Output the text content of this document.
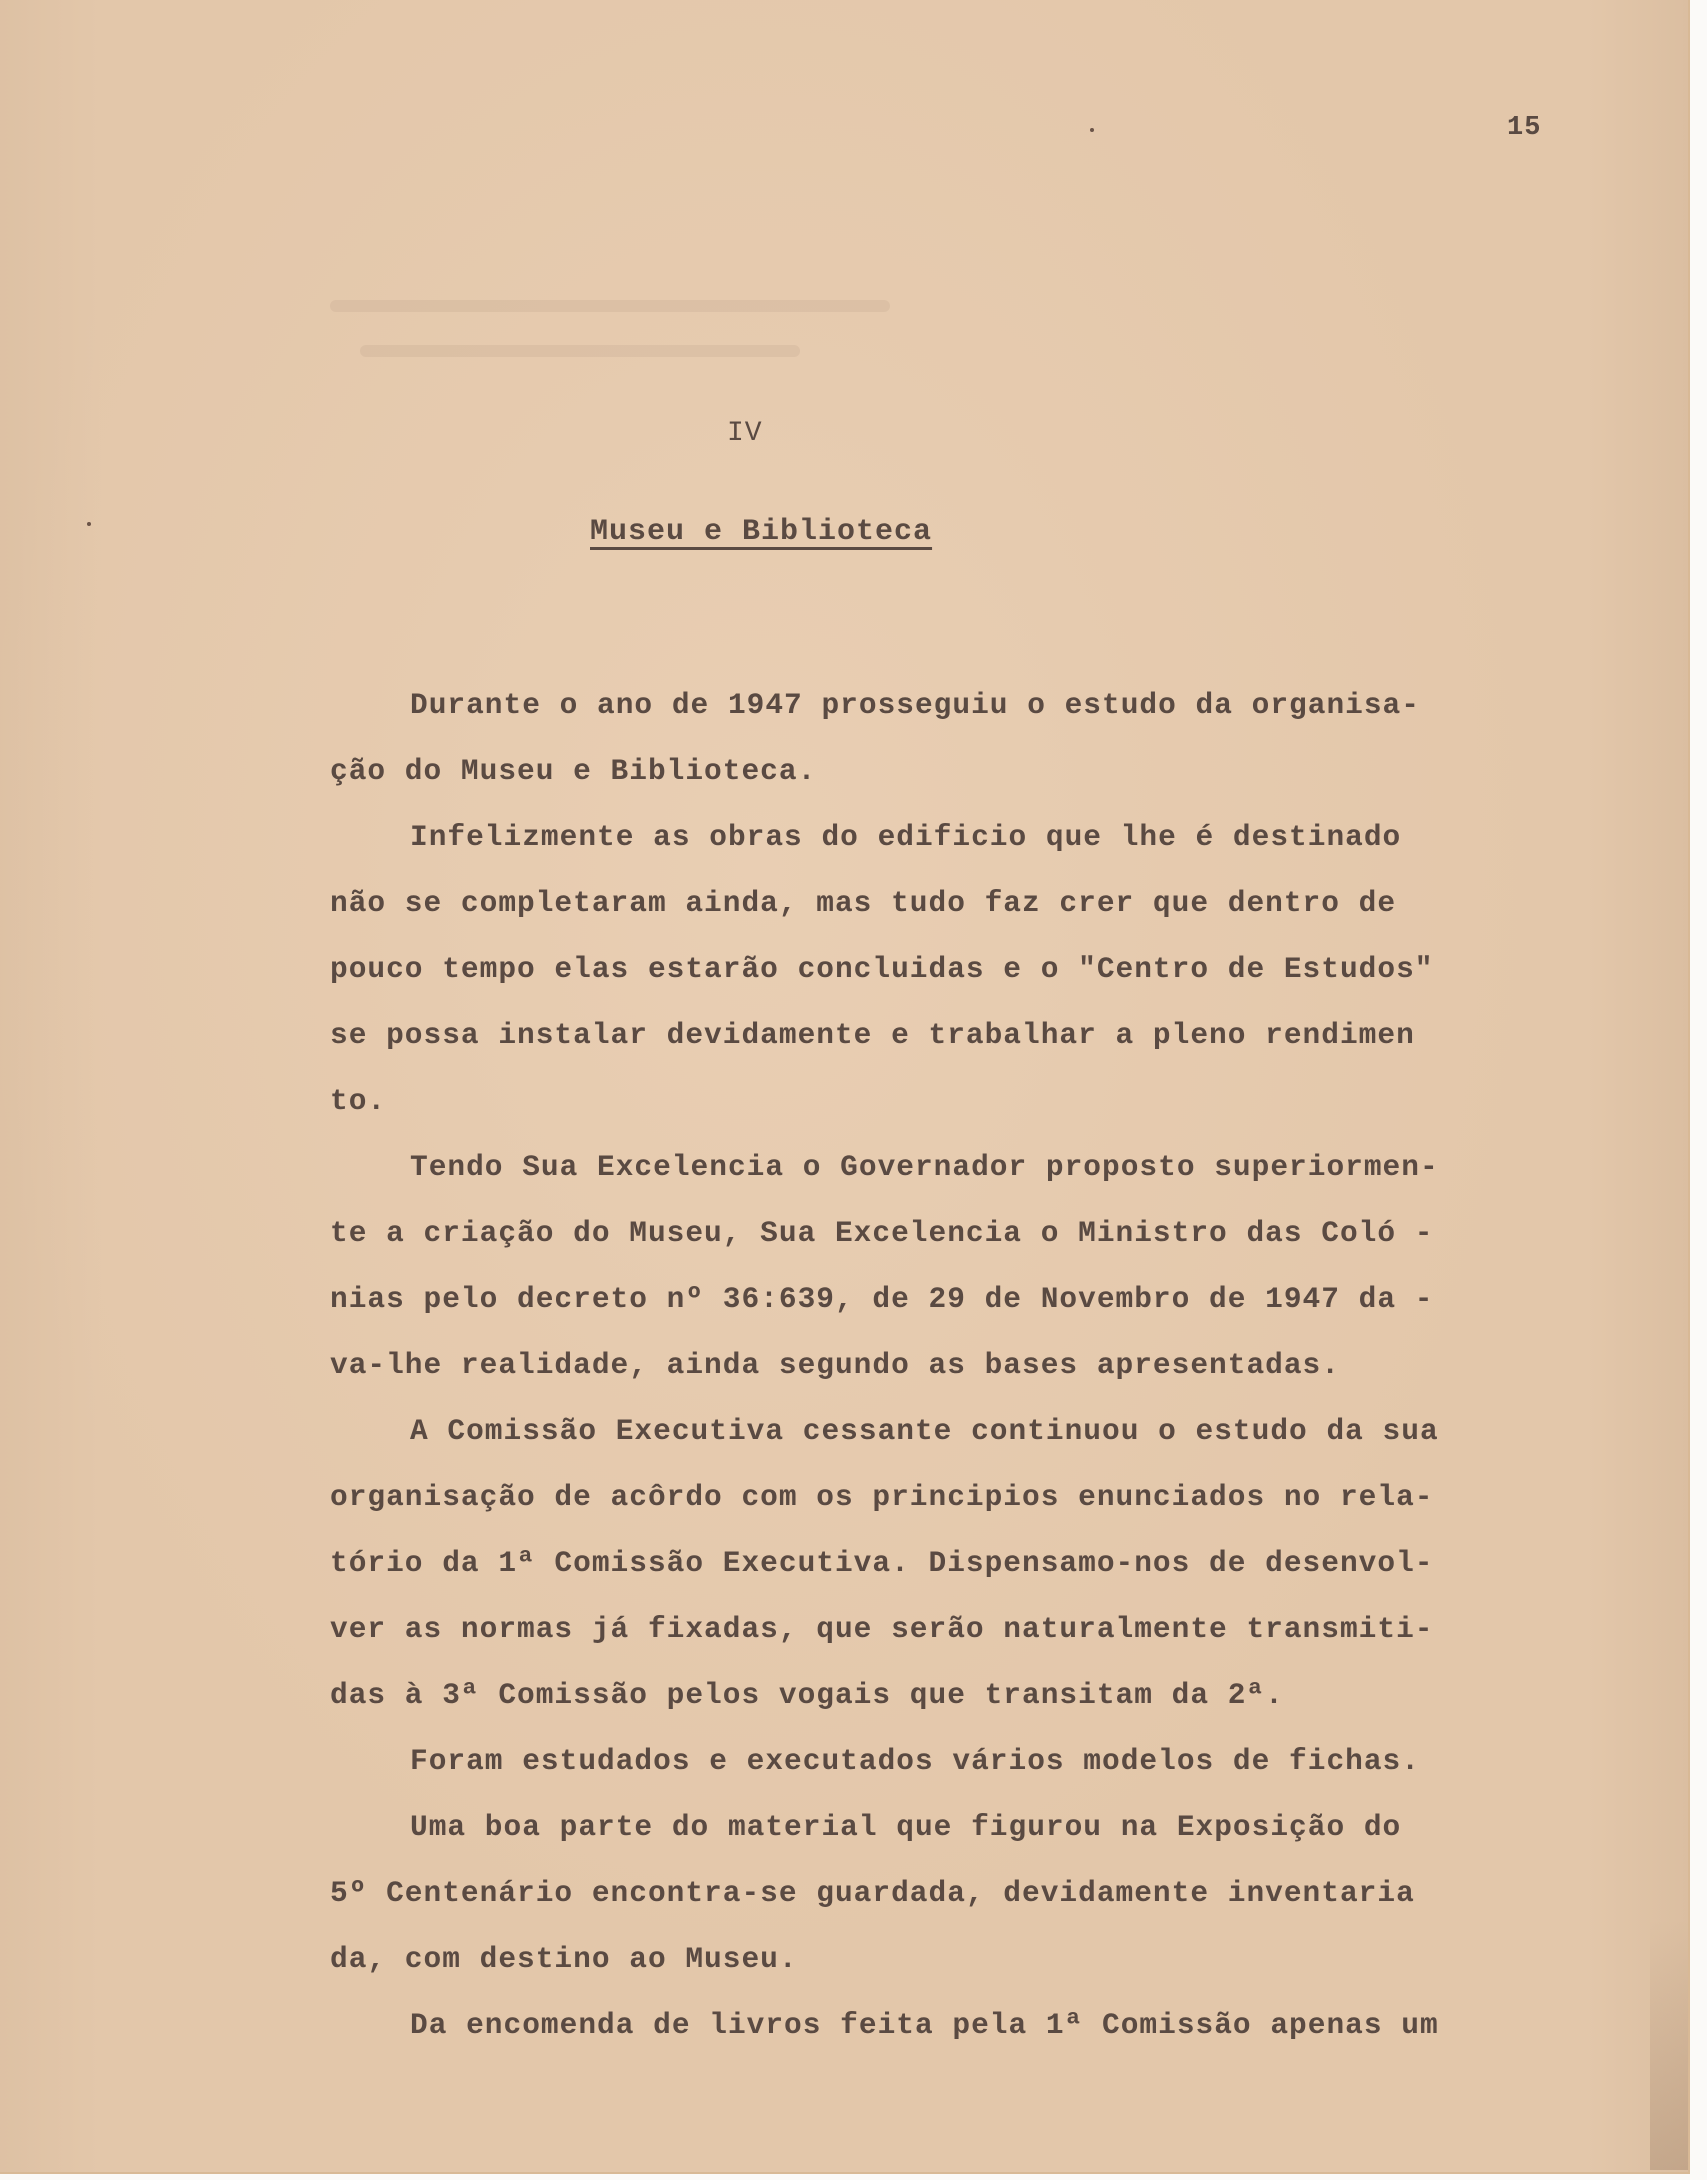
15
IV
Museu e Biblioteca
Durante o ano de 1947 prosseguiu o estudo da organisa-
ção do Museu e Biblioteca.
Infelizmente as obras do edificio que lhe é destinado
não se completaram ainda, mas tudo faz crer que dentro de
pouco tempo elas estarão concluidas e o "Centro de Estudos"
se possa instalar devidamente e trabalhar a pleno rendimen
to.
Tendo Sua Excelencia o Governador proposto superiormen-
te a criação do Museu, Sua Excelencia o Ministro das Coló -
nias pelo decreto nº 36:639, de 29 de Novembro de 1947 da -
va-lhe realidade, ainda segundo as bases apresentadas.
A Comissão Executiva cessante continuou o estudo da sua
organisação de acôrdo com os principios enunciados no rela-
tório da 1ª Comissão Executiva. Dispensamo-nos de desenvol-
ver as normas já fixadas, que serão naturalmente transmiti-
das à 3ª Comissão pelos vogais que transitam da 2ª.
Foram estudados e executados vários modelos de fichas.
Uma boa parte do material que figurou na Exposição do
5º Centenário encontra-se guardada, devidamente inventaria
da, com destino ao Museu.
Da encomenda de livros feita pela 1ª Comissão apenas um
